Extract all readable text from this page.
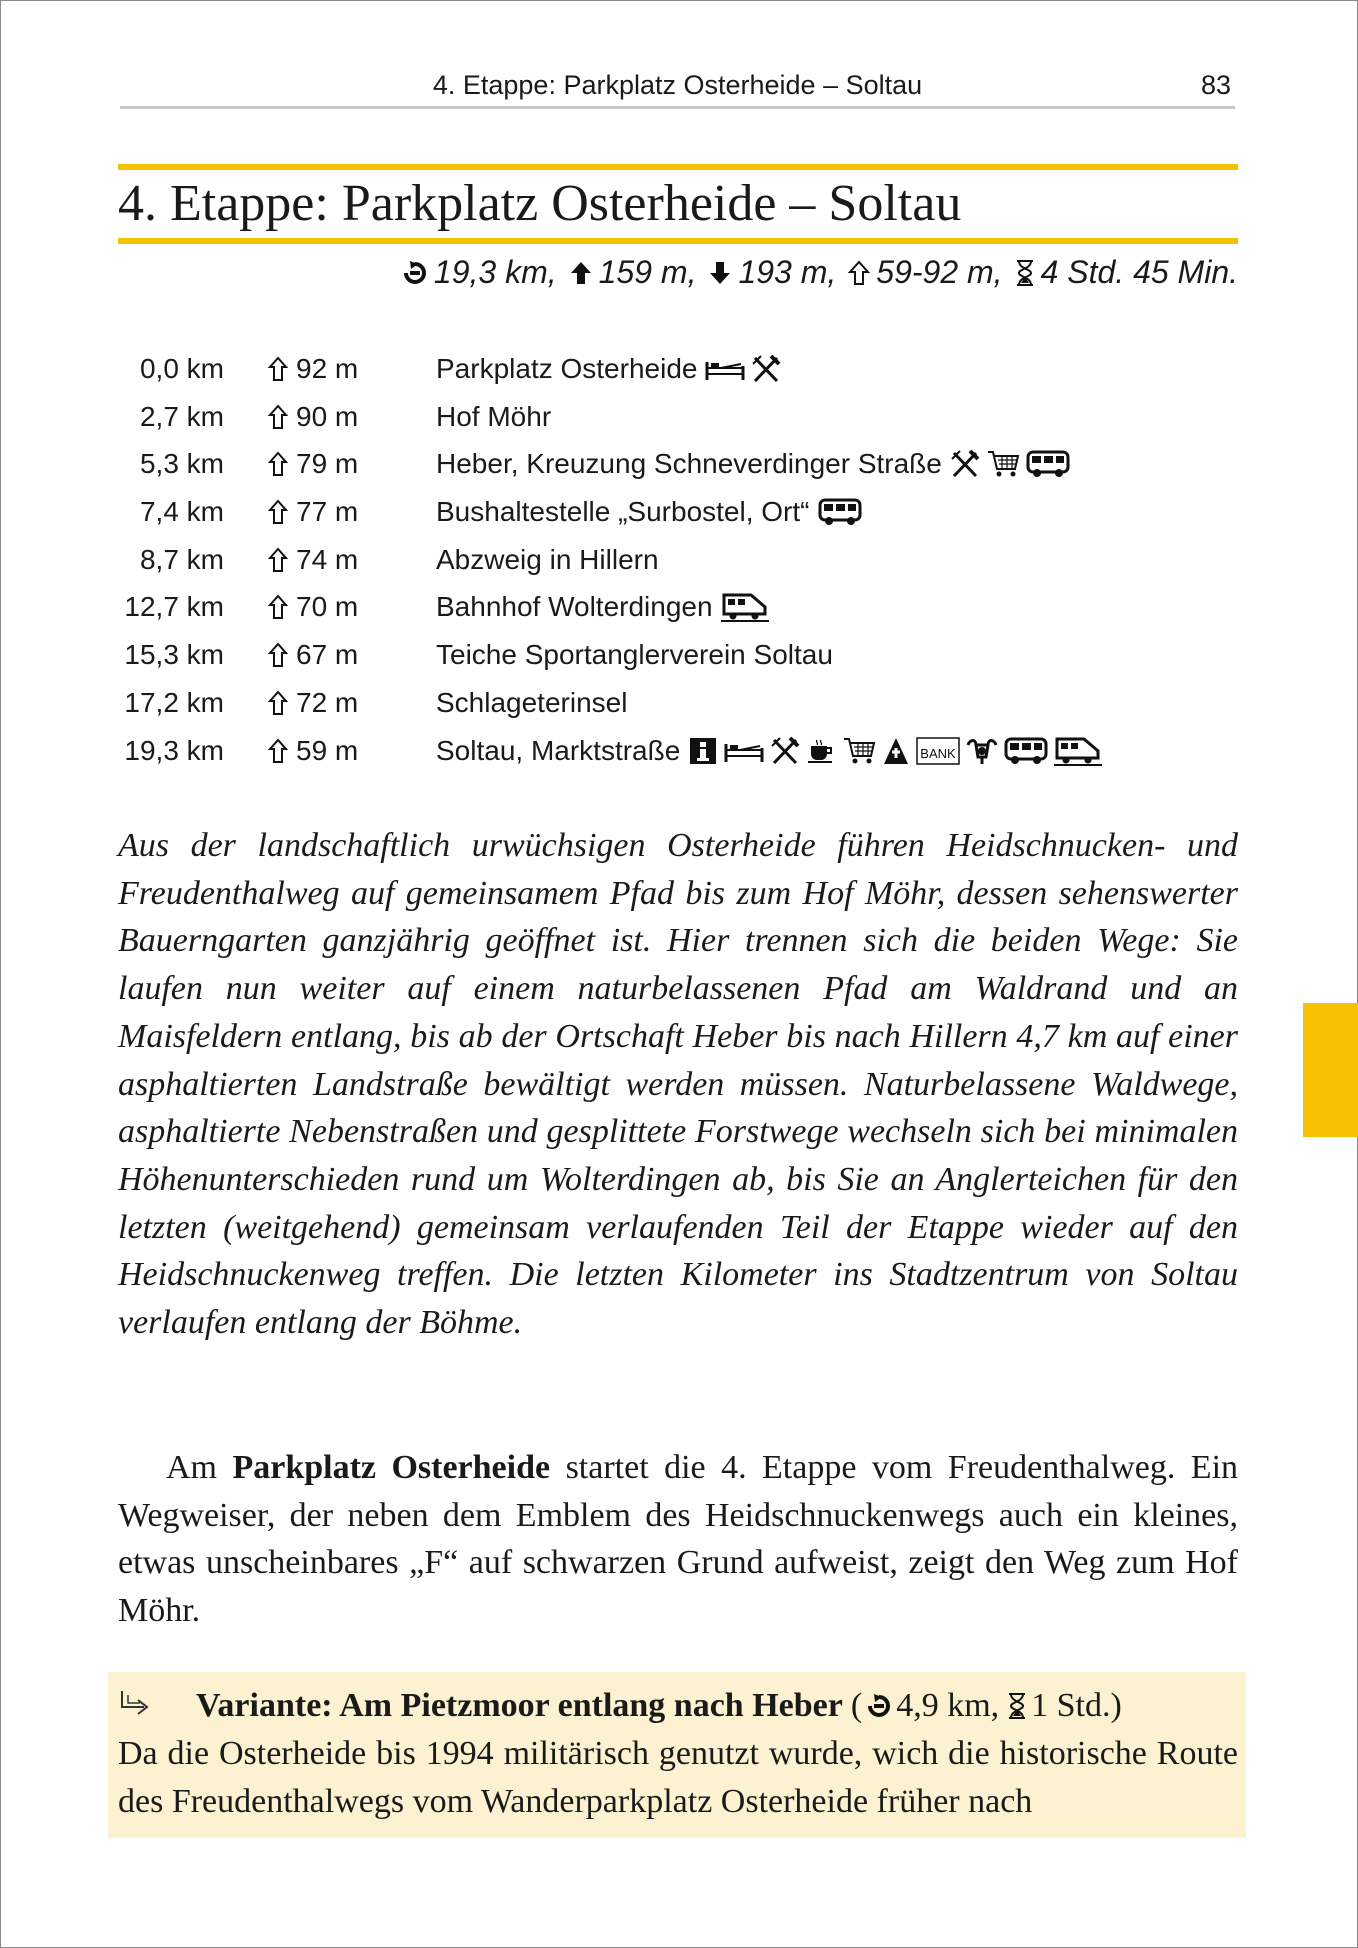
4. Etappe: Parkplatz Osterheide – Soltau	83
4. Etappe: Parkplatz Osterheide – Soltau
19,3 km, 159 m, 193 m, 59-92 m, 4 Std. 45 Min.
0,0 km	92 m	Parkplatz Osterheide
2,7 km	90 m	Hof Möhr
5,3 km	79 m	Heber, Kreuzung Schneverdinger Straße
7,4 km	77 m	Bushaltestelle „Surbostel, Ort“
8,7 km	74 m	Abzweig in Hillern
12,7 km	70 m	Bahnhof Wolterdingen
15,3 km	67 m	Teiche Sportanglerverein Soltau
17,2 km	72 m	Schlageterinsel
19,3 km	59 m	Soltau, Marktstraße	BANK
Aus der landschaftlich urwüchsigen Osterheide führen Heidschnucken- und Freudenthalweg auf gemeinsamem Pfad bis zum Hof Möhr, dessen sehenswerter Bauerngarten ganzjährig geöffnet ist. Hier trennen sich die beiden Wege: Sie laufen nun weiter auf einem naturbelassenen Pfad am Waldrand und an Maisfeldern entlang, bis ab der Ortschaft Heber bis nach Hillern 4,7 km auf einer asphaltierten Landstraße bewältigt werden müssen. Naturbelassene Waldwege, asphaltierte Nebenstraßen und gesplittete Forstwege wechseln sich bei minimalen Höhenunterschieden rund um Wolterdingen ab, bis Sie an Anglerteichen für den letzten (weitgehend) gemeinsam verlaufenden Teil der Etappe wieder auf den Heidschnuckenweg treffen. Die letzten Kilometer ins Stadtzentrum von Soltau verlaufen entlang der Böhme.

Am Parkplatz Osterheide startet die 4. Etappe vom Freudenthalweg. Ein Wegweiser, der neben dem Emblem des Heidschnuckenwegs auch ein kleines, etwas unscheinbares „F“ auf schwarzen Grund aufweist, zeigt den Weg zum Hof Möhr.

Variante: Am Pietzmoor entlang nach Heber ( 4,9 km, 1 Std.)
Da die Osterheide bis 1994 militärisch genutzt wurde, wich die historische Route des Freudenthalwegs vom Wanderparkplatz Osterheide früher nach
